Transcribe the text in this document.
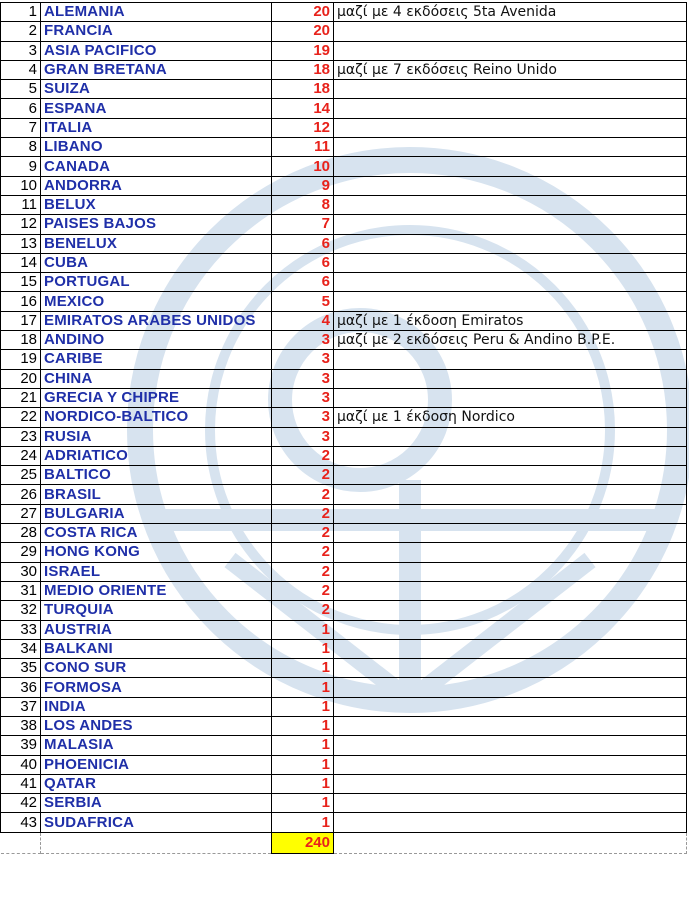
1	ALEMANIA	20	μαζί με 4 εκδόσεις 5ta Avenida
2	FRANCIA	20	
3	ASIA PACIFICO	19	
4	GRAN BRETANA	18	μαζί με 7 εκδόσεις Reino Unido
5	SUIZA	18	
6	ESPANA	14	
7	ITALIA	12	
8	LIBANO	11	
9	CANADA	10	
10	ANDORRA	9	
11	BELUX	8	
12	PAISES BAJOS	7	
13	BENELUX	6	
14	CUBA	6	
15	PORTUGAL	6	
16	MEXICO	5	
17	EMIRATOS ARABES UNIDOS	4	μαζί με 1 έκδοση Emiratos
18	ANDINO	3	μαζί με 2 εκδόσεις Peru & Andino B.P.E.
19	CARIBE	3	
20	CHINA	3	
21	GRECIA Y CHIPRE	3	
22	NORDICO-BALTICO	3	μαζί με 1 έκδοση Nordico
23	RUSIA	3	
24	ADRIATICO	2	
25	BALTICO	2	
26	BRASIL	2	
27	BULGARIA	2	
28	COSTA RICA	2	
29	HONG KONG	2	
30	ISRAEL	2	
31	MEDIO ORIENTE	2	
32	TURQUIA	2	
33	AUSTRIA	1	
34	BALKANI	1	
35	CONO SUR	1	
36	FORMOSA	1	
37	INDIA	1	
38	LOS ANDES	1	
39	MALASIA	1	
40	PHOENICIA	1	
41	QATAR	1	
42	SERBIA	1	
43	SUDAFRICA	1	
		240	
